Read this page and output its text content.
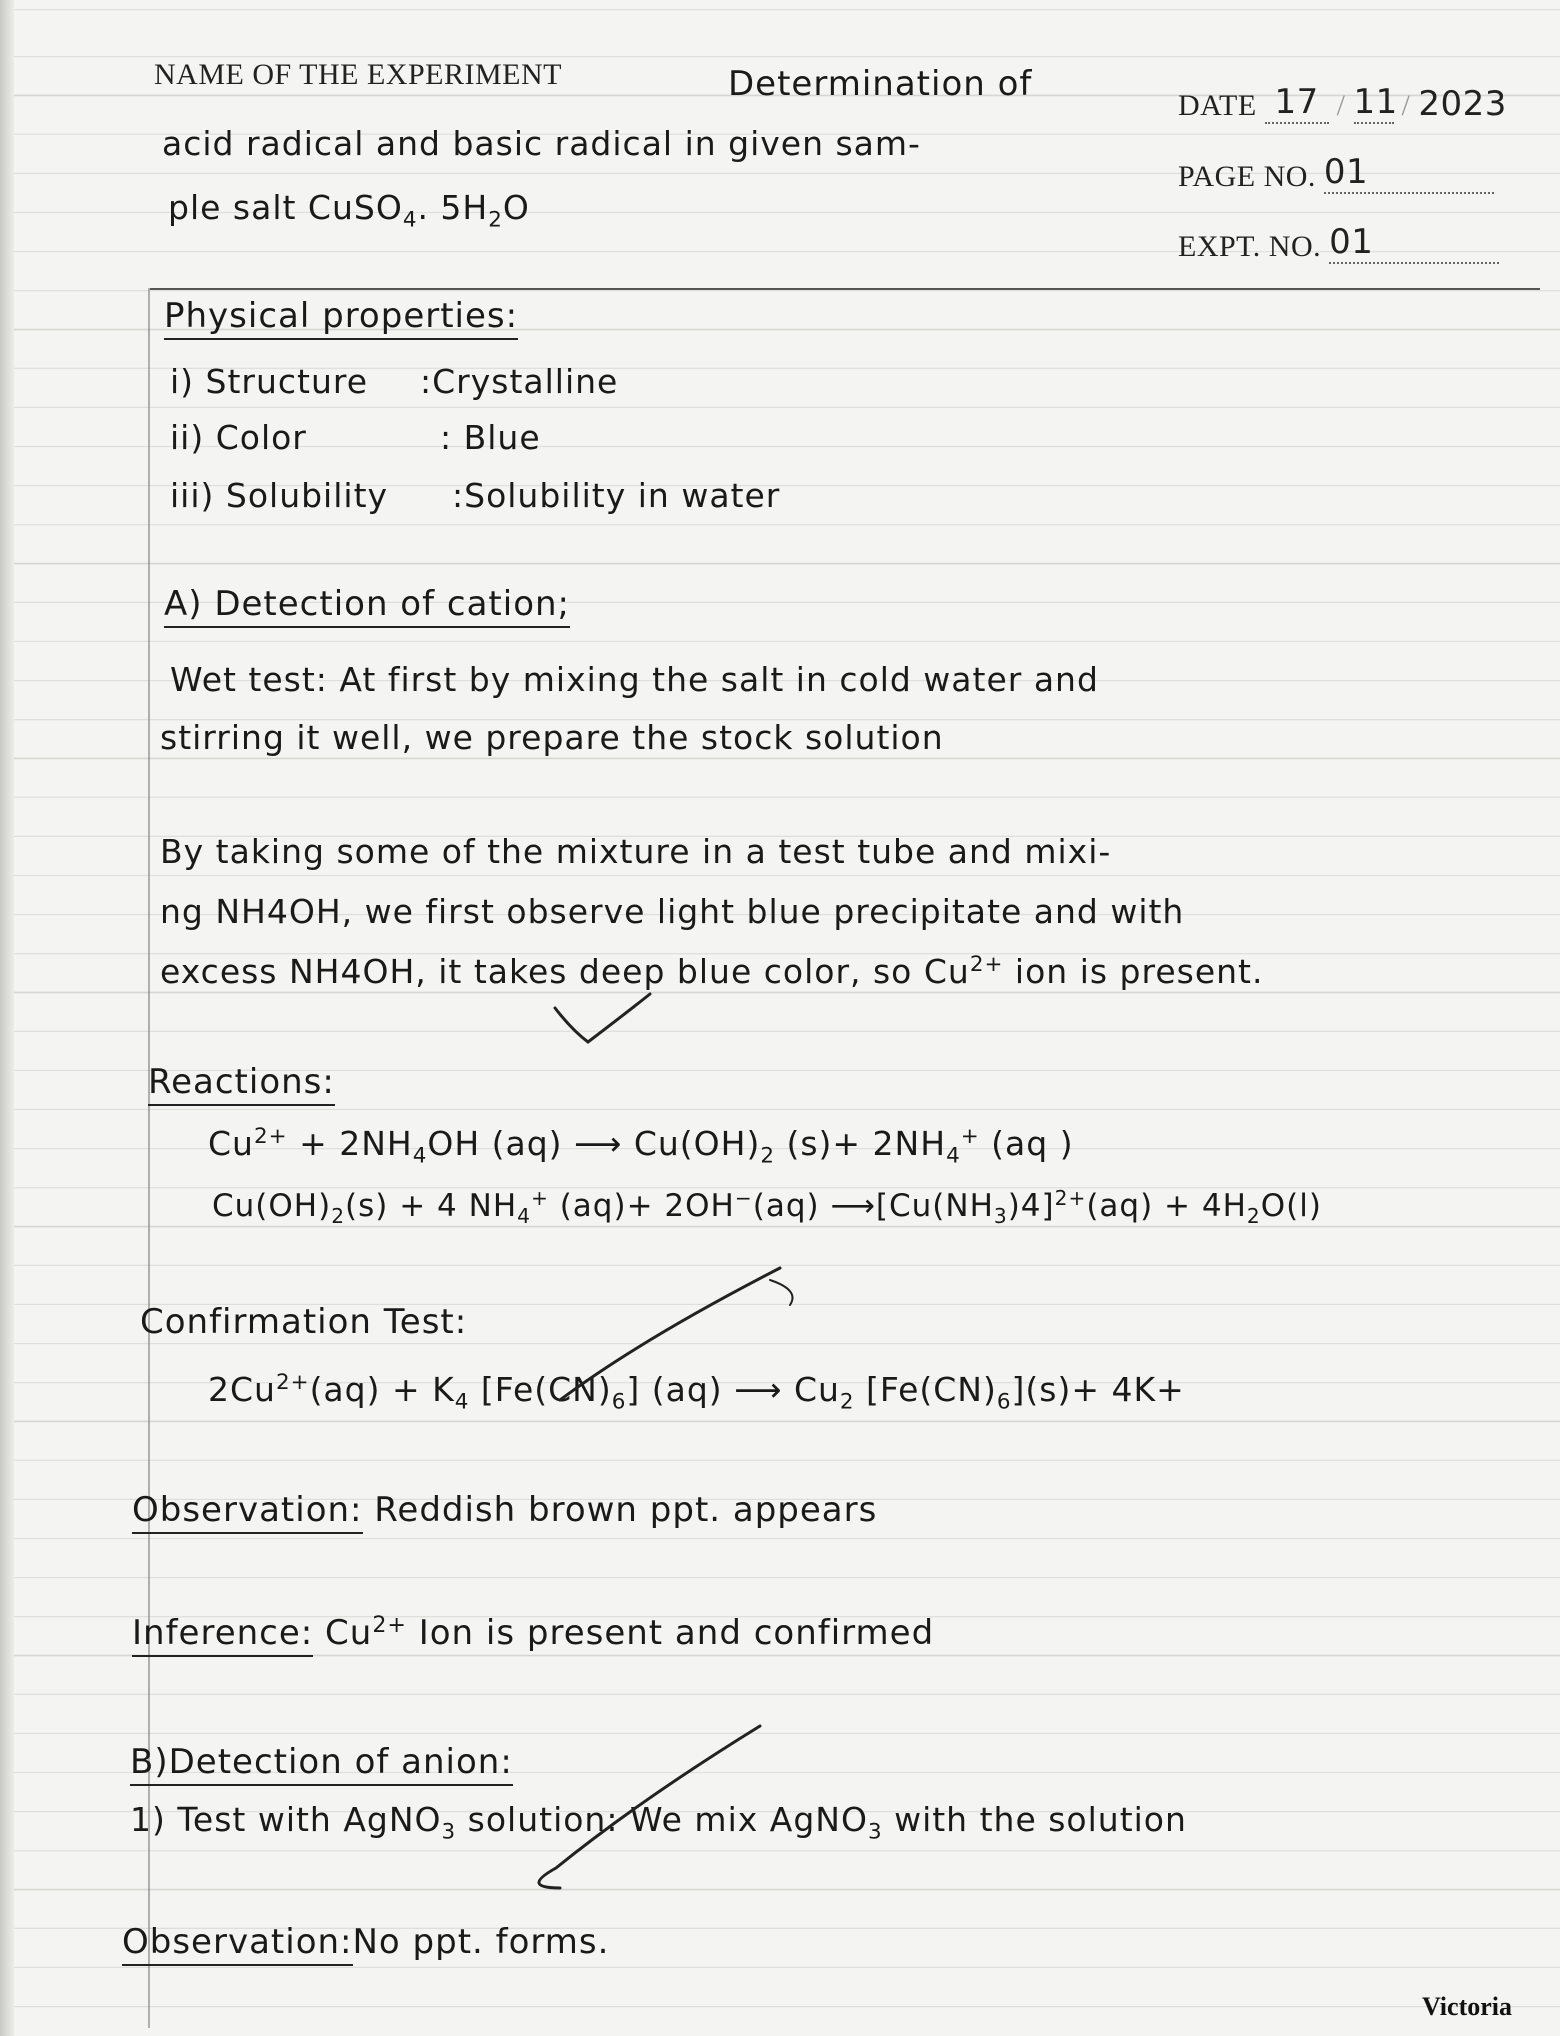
NAME OF THE EXPERIMENT	Determination of
acid radical and basic radical in given sam-
ple salt CuSO$_4$. $5H_2O$
DATE 17 / 11 / 2023
PAGE NO. 01
EXPT. NO. 01
Physical properties:
i) Structure :Crystalline
ii) Color	: Blue
iii) Solubility :Solubility in water
A) Detection of cation;
Wet test: At first by mixing the salt in cold water and
stirring it well, we prepare the stock solution
By taking some of the mixture in a test tube and mixi-
ng NH4OH, we first observe light blue precipitate and with
excess NH4OH, it takes deep blue color, so $Cu^{2+}$ ion is present.
Reactions:
$Cu^{2+} + 2NH_4OH$ (aq) ⟶ $Cu(OH)_2$ $(s)+ 2NH_4^+$ (aq )
$Cu(OH)_2(s) + 4$ $NH_4^+$ (aq)+ 2OH−(aq) $⟶[Cu(NH_3)4]^{2+}(aq) + 4H_2O(l)$
Confirmation Test:
$2Cu^{2+}(aq) + K_4$ $[Fe(CN)_6]$ (aq) ⟶ $Cu_2$ $[Fe(CN)_6](s)+ 4K+$
Observation: Reddish brown ppt. appears
Inference: $Cu^{2+}$ Ion is present and confirmed
B)Detection of anion:
1) Test with AgNO$_3$ solution: We mix AgNO$_3$ with the solution
Observation:No ppt. forms.
Victoria
